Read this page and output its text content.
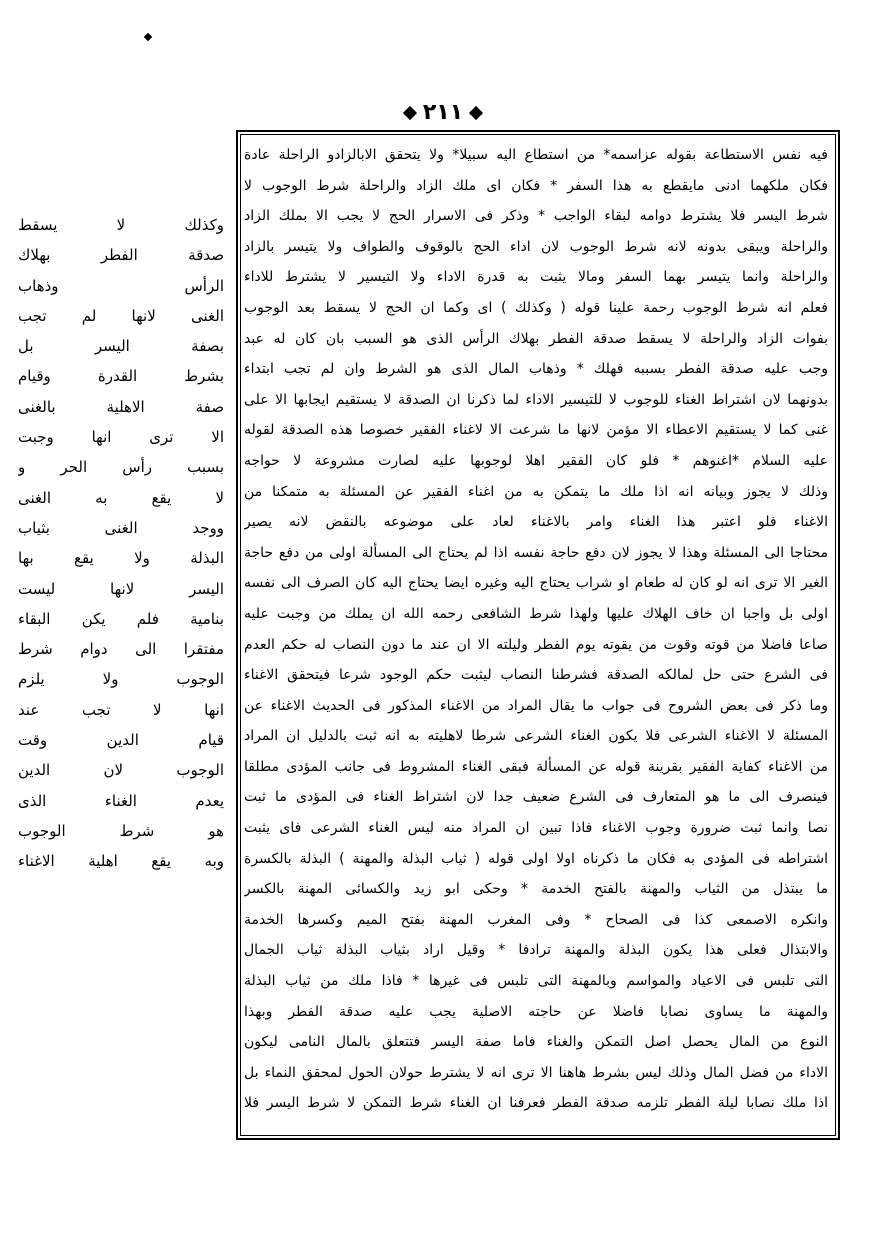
٢١١
فيه نفس الاستطاعة بقوله عزاسمه* من استطاع اليه سبيلا* ولا يتحقق الابالزادو الراحلة عادة
فكان ملكهما ادنى مايقطع به هذا السفر * فكان اى ملك الزاد والراحلة شرط الوجوب لا
شرط اليسر فلا يشترط دوامه لبقاء الواجب * وذكر فى الاسرار الحج لا يجب الا بملك الزاد
والراحلة ويبقى بدونه لانه شرط الوجوب لان اداء الحج بالوقوف والطواف ولا يتيسر بالزاد
والراحلة وانما يتيسر بهما السفر ومالا يثبت به قدرة الاداء ولا التيسير لا يشترط للاداء
فعلم انه شرط الوجوب رحمة علينا قوله ( وكذلك ) اى وكما ان الحج لا يسقط بعد الوجوب
بفوات الزاد والراحلة لا يسقط صدقة الفطر بهلاك الرأس الذى هو السبب بان كان له عبد
وجب عليه صدقة الفطر بسببه فهلك * وذهاب المال الذى هو الشرط وان لم تجب ابتداء
بدونهما لان اشتراط الغناء للوجوب لا للتيسير الاداء لما ذكرنا ان الصدقة لا يستقيم ايجابها الا على
غنى كما لا يستقيم الاعطاء الا مؤمن لانها ما شرعت الا لاغناء الفقير خصوصا هذه الصدقة لقوله
عليه السلام *اغنوهم * فلو كان الفقير اهلا لوجوبها عليه لصارت مشروعة لا حواجه
وذلك لا يجوز وبيانه انه اذا ملك ما يتمكن به من اغناء الفقير عن المسئلة به متمكنا من
الاغناء فلو اعتبر هذا الغناء وامر بالاغناء لعاد على موضوعه بالنقض لانه يصير
محتاجا الى المسئلة وهذا لا يجوز لان دفع حاجة نفسه اذا لم يحتاج الى المسألة اولى من دفع حاجة
الغير الا ترى انه لو كان له طعام او شراب يحتاج اليه وغيره ايضا يحتاج اليه كان الصرف الى نفسه
اولى بل واجبا ان خاف الهلاك عليها ولهذا شرط الشافعى رحمه الله ان يملك من وجبت عليه
صاعا فاضلا من قوته وقوت من يقوته يوم الفطر وليلته الا ان عند ما دون النصاب له حكم العدم
فى الشرع حتى حل لمالكه الصدقة فشرطنا النصاب ليثبت حكم الوجود شرعا فيتحقق الاغناء
وما ذكر فى بعض الشروح فى جواب ما يقال المراد من الاغناء المذكور فى الحديث الاغناء عن
المسئلة لا الاغناء الشرعى فلا يكون الغناء الشرعى شرطا لاهليته به انه ثبت بالدليل ان المراد
من الاغناء كفاية الفقير بقرينة قوله عن المسألة فبقى الغناء المشروط فى جانب المؤدى مطلقا
فينصرف الى ما هو المتعارف فى الشرع ضعيف جدا لان اشتراط الغناء فى المؤدى ما ثبت
نصا وانما ثبت ضرورة وجوب الاغناء فاذا تبين ان المراد منه ليس الغناء الشرعى فاى يثبت
اشتراطه فى المؤدى به فكان ما ذكرناه اولا اولى قوله ( ثياب البذلة والمهنة ) البذلة بالكسرة
ما يبتذل من الثياب والمهنة بالفتح الخدمة * وحكى ابو زيد والكسائى المهنة بالكسر
وانكره الاصمعى كذا فى الصحاح * وفى المغرب المهنة بفتح الميم وكسرها الخدمة
والابتذال فعلى هذا يكون البذلة والمهنة ترادفا * وقيل اراد بثياب البذلة ثياب الجمال
التى تلبس فى الاعياد والمواسم وبالمهنة التى تلبس فى غيرها * فاذا ملك من ثياب البذلة
والمهنة ما يساوى نصابا فاضلا عن حاجته الاصلية يجب عليه صدقة الفطر وبهذا
النوع من المال يحصل اصل التمكن والغناء فاما صفة اليسر فتتعلق بالمال النامى ليكون
الاداء من فضل المال وذلك ليس بشرط هاهنا الا ترى انه لا يشترط حولان الحول لمحقق النماء بل
اذا ملك نصابا ليلة الفطر تلزمه صدقة الفطر فعرفنا ان الغناء شرط التمكن لا شرط اليسر فلا
وكذلك لا يسقط
صدقة الفطر بهلاك
الرأس وذهاب
الغنى لانها لم تجب
بصفة اليسر بل
بشرط القدرة وقيام
صفة الاهلية بالغنى
الا ترى انها وجبت
بسبب رأس الحر و
لا يقع به الغنى
ووجد الغنى بثياب
البذلة ولا يقع بها
اليسر لانها ليست
بنامية فلم يكن البقاء
مفتقرا الى دوام شرط
الوجوب ولا يلزم
انها لا تجب عند
قيام الدين وقت
الوجوب لان الدين
يعدم الغناء الذى
هو شرط الوجوب
وبه يقع اهلية الاغناء
